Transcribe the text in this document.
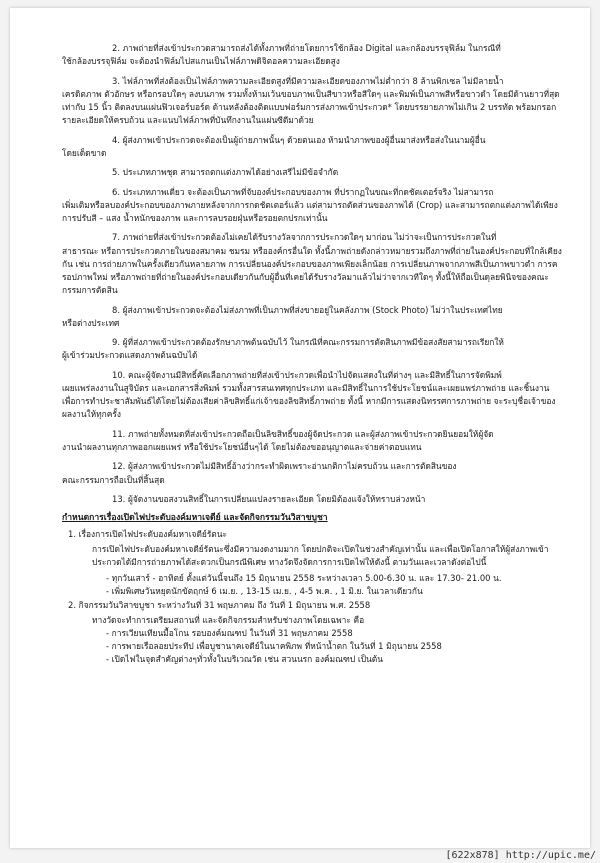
2. ภาพถ่ายที่ส่งเข้าประกวดสามารถส่งได้ทั้งภาพที่ถ่ายโดยการใช้กล้อง Digital และกล้องบรรจุฟิล์ม ในกรณีที่
ใช้กล้องบรรจุฟิล์ม จะต้องนำฟิล์มไปสแกนเป็นไฟล์ภาพดิจิตอลความละเอียดสูง
3. ไฟล์ภาพที่ส่งต้องเป็นไฟล์ภาพความละเอียดสูงที่มีความละเอียดของภาพไม่ต่ำกว่า 8 ล้านพิกเซล ไม่มีลายน้ำ
เครดิตภาพ ตัวอักษร หรือกรอบใดๆ ลงบนภาพ รวมทั้งห้ามเว้นขอบภาพเป็นสีขาวหรือสีใดๆ และพิมพ์เป็นภาพสีหรือขาวดำ โดยมีด้านยาวที่สุดเท่ากับ 15 นิ้ว ติดลงบนแผ่นฟิวเจอร์บอร์ด ด้านหลังต้องติดแบบฟอร์มการส่งภาพเข้าประกวด* โดยบรรยายภาพไม่เกิน 2 บรรทัด พร้อมกรอกรายละเอียดให้ครบถ้วน และแนบไฟล์ภาพที่บันทึกงานในแผ่นซีดีมาด้วย
4. ผู้ส่งภาพเข้าประกวดจะต้องเป็นผู้ถ่ายภาพนั้นๆ ด้วยตนเอง ห้ามนำภาพของผู้อื่นมาส่งหรือส่งในนามผู้อื่น
โดยเด็ดขาด
5. ประเภทภาพชุด สามารถตกแต่งภาพได้อย่างเสรีไม่มีข้อจำกัด
6. ประเภทภาพเดี่ยว จะต้องเป็นภาพที่จับองค์ประกอบของภาพ ที่ปรากฏในขณะที่กดชัตเตอร์จริง ไม่สามารถ
เพิ่มเติมหรือลบองค์ประกอบของภาพภายหลังจากการกดชัตเตอร์แล้ว แต่สามารถตัดส่วนของภาพได้ (Crop) และสามารถตกแต่งภาพได้เพียงการปรับสี – แสง น้ำหนักของภาพ และการลบรอยฝุ่นหรือรอยตกปรกเท่านั้น
7. ภาพถ่ายที่ส่งเข้าประกวดต้องไม่เคยได้รับรางวัลจากการประกวดใดๆ มาก่อน ไม่ว่าจะเป็นการประกวดในที่
สาธารณะ หรือการประกวดภายในของสมาคม ชมรม หรือองค์กรอื่นใด ทั้งนี้ภาพถ่ายดังกล่าวหมายรวมถึงภาพที่ถ่ายในองค์ประกอบที่ใกล้เคียงกัน เช่น การถ่ายภาพในครั้งเดียวกันหลายภาพ การเปลี่ยนองค์ประกอบของภาพเพียงเล็กน้อย การเปลี่ยนภาพจากภาพสีเป็นภาพขาวดำ การครอปภาพใหม่ หรือภาพถ่ายที่ถ่ายในองค์ประกอบเดียวกันกับผู้อื่นที่เคยได้รับรางวัลมาแล้วไม่ว่าจากเวทีใดๆ ทั้งนี้ให้ถือเป็นดุลยพินิจของคณะกรรมการตัดสิน
8. ผู้ส่งภาพเข้าประกวดจะต้องไม่ส่งภาพที่เป็นภาพที่ส่งขายอยู่ในคลังภาพ (Stock Photo) ไม่ว่าในประเทศไทย
หรือต่างประเทศ
9. ผู้ที่ส่งภาพเข้าประกวดต้องรักษาภาพต้นฉบับไว้ ในกรณีที่คณะกรรมการตัดสินภาพมีข้อสงสัยสามารถเรียกให้
ผู้เข้าร่วมประกวดแสดงภาพต้นฉบับได้
10. คณะผู้จัดงานมีสิทธิ์คัดเลือกภาพถ่ายที่ส่งเข้าประกวดเพื่อนำไปจัดแสดงในที่ต่างๆ และมีสิทธิ์ในการจัดพิมพ์
เผยแพร่ลงงานในสูจิบัตร และเอกสารสิ่งพิมพ์ รวมทั้งสารสนเทศทุกประเภท และมีสิทธิ์ในการใช้ประโยชน์และเผยแพร่ภาพถ่าย และชิ้นงาน เพื่อการทำประชาสัมพันธ์ได้โดยไม่ต้องเสียค่าลิขสิทธิ์แก่เจ้าของลิขสิทธิ์ภาพถ่าย ทั้งนี้ หากมีการแสดงนิทรรศการภาพถ่าย จะระบุชื่อเจ้าของผลงานให้ทุกครั้ง
11. ภาพถ่ายทั้งหมดที่ส่งเข้าประกวดถือเป็นลิขสิทธิ์ของผู้จัดประกวด และผู้ส่งภาพเข้าประกวดยินยอมให้ผู้จัด
งานนำผลงานทุกภาพออกเผยแพร่ หรือใช้ประโยชน์อื่นๆได้ โดยไม่ต้องขออนุญาตและจ่ายค่าตอบแทน
12. ผู้ส่งภาพเข้าประกวดไม่มีสิทธิ์อ้างว่ากระทำผิดเพราะอ่านกติกาไม่ครบถ้วน และการตัดสินของ
คณะกรรมการถือเป็นที่สิ้นสุด
13. ผู้จัดงานขอสงวนสิทธิ์ในการเปลี่ยนแปลงรายละเอียด โดยมิต้องแจ้งให้ทราบล่วงหน้า
กำหนดการเรื่องเปิดไฟประดับองค์มหาเจดีย์ และจัดกิจกรรมวันวิสาขบูชา
1. เรื่องการเปิดไฟประดับองค์มหาเจดีย์รัตนะ
การเปิดไฟประดับองค์มหาเจดีย์รัตนะซึ่งมีความงดงามมาก โดยปกติจะเปิดในช่วงสำคัญเท่านั้น และเพื่อเปิดโอกาสให้ผู้ส่งภาพเข้าประกวดได้มีการถ่ายภาพได้สะดวกเป็นกรณีพิเศษ ทางวัดจึงจัดการการเปิดไฟให้ดังนี้ ตามวันและเวลาดังต่อไปนี้

- ทุกวันเสาร์ - อาทิตย์ ตั้งแต่วันนี้จนถึง 15 มิถุนายน 2558 ระหว่างเวลา 5.00-6.30 น. และ 17.30- 21.00 น.

- เพิ่มพิเศษวันหยุดนักขัตฤกษ์ 6 เม.ย. , 13-15 เม.ย. , 4-5 พ.ค. , 1 มิ.ย. ในเวลาเดียวกัน

2. กิจกรรมวันวิสาขบูชา ระหว่างวันที่ 31 พฤษภาคม ถึง วันที่ 1 มิถุนายน พ.ศ. 2558
ทางวัดจะทำการเตรียมสถานที่ และจัดกิจกรรมสำหรับช่างภาพโดยเฉพาะ คือ

- การเวียนเทียนมื้อโกน รอบองค์มณฑป ในวันที่ 31 พฤษภาคม 2558

- การพายเรือลอยประทีป เพื่อบูชานาคเจดีย์ในนาคพิภพ ที่หน้าน้ำตก ในวันที่ 1 มิถุนายน 2558

- เปิดไฟในจุดสำคัญต่างๆทั่วทั้งในบริเวณวัด เช่น สวนนรก องค์มณฑป เป็นต้น

[622x878] http://upic.me/
